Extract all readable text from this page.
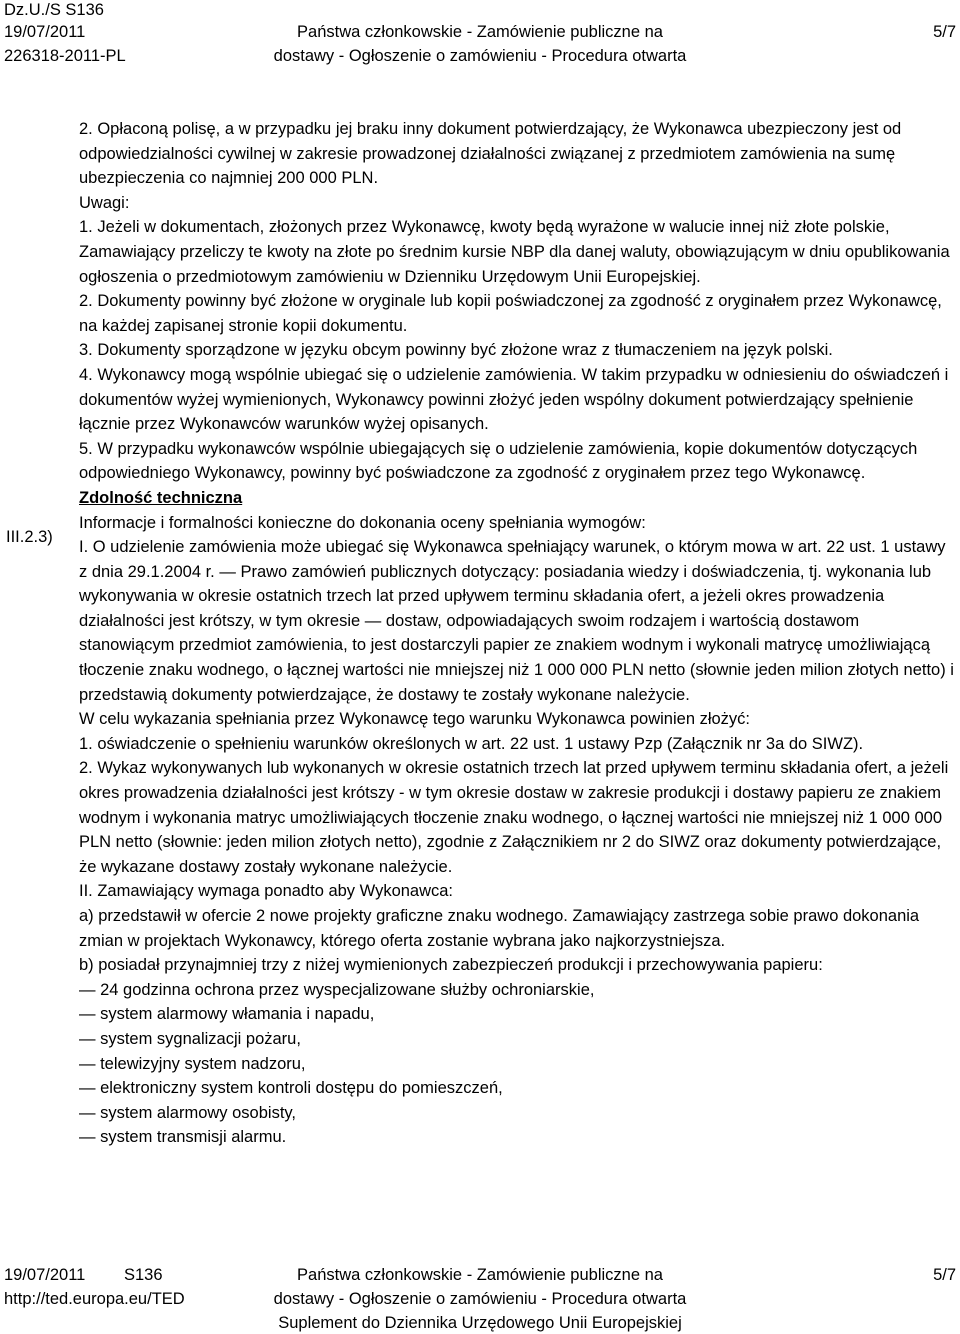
Dz.U./S S136
19/07/2011
226318-2011-PL
Państwa członkowskie - Zamówienie publiczne na
dostawy - Ogłoszenie o zamówieniu - Procedura otwarta
5/7
III.2.3)

2. Opłaconą polisę, a w przypadku jej braku inny dokument potwierdzający, że Wykonawca ubezpieczony jest od odpowiedzialności cywilnej w zakresie prowadzonej działalności związanej z przedmiotem zamówienia na sumę ubezpieczenia co najmniej 200 000 PLN.

Uwagi:

1. Jeżeli w dokumentach, złożonych przez Wykonawcę, kwoty będą wyrażone w walucie innej niż złote polskie, Zamawiający przeliczy te kwoty na złote po średnim kursie NBP dla danej waluty, obowiązującym w dniu opublikowania ogłoszenia o przedmiotowym zamówieniu w Dzienniku Urzędowym Unii Europejskiej.

2. Dokumenty powinny być złożone w oryginale lub kopii poświadczonej za zgodność z oryginałem przez Wykonawcę, na każdej zapisanej stronie kopii dokumentu.

3. Dokumenty sporządzone w języku obcym powinny być złożone wraz z tłumaczeniem na język polski.

4. Wykonawcy mogą wspólnie ubiegać się o udzielenie zamówienia. W takim przypadku w odniesieniu do oświadczeń i dokumentów wyżej wymienionych, Wykonawcy powinni złożyć jeden wspólny dokument potwierdzający spełnienie łącznie przez Wykonawców warunków wyżej opisanych.

5. W przypadku wykonawców wspólnie ubiegających się o udzielenie zamówienia, kopie dokumentów dotyczących odpowiedniego Wykonawcy, powinny być poświadczone za zgodność z oryginałem przez tego Wykonawcę.

Zdolność techniczna

Informacje i formalności konieczne do dokonania oceny spełniania wymogów:

I. O udzielenie zamówienia może ubiegać się Wykonawca spełniający warunek, o którym mowa w art. 22 ust. 1 ustawy z dnia 29.1.2004 r. — Prawo zamówień publicznych dotyczący: posiadania wiedzy i doświadczenia, tj. wykonania lub wykonywania w okresie ostatnich trzech lat przed upływem terminu składania ofert, a jeżeli okres prowadzenia działalności jest krótszy, w tym okresie — dostaw, odpowiadających swoim rodzajem i wartością dostawom stanowiącym przedmiot zamówienia, to jest dostarczyli papier ze znakiem wodnym i wykonali matrycę umożliwiającą tłoczenie znaku wodnego, o łącznej wartości nie mniejszej niż 1 000 000 PLN netto (słownie jeden milion złotych netto) i przedstawią dokumenty potwierdzające, że dostawy te zostały wykonane należycie.

W celu wykazania spełniania przez Wykonawcę tego warunku Wykonawca powinien złożyć:

1. oświadczenie o spełnieniu warunków określonych w art. 22 ust. 1 ustawy Pzp (Załącznik nr 3a do SIWZ).

2. Wykaz wykonywanych lub wykonanych w okresie ostatnich trzech lat przed upływem terminu składania ofert, a jeżeli okres prowadzenia działalności jest krótszy - w tym okresie dostaw w zakresie produkcji i dostawy papieru ze znakiem wodnym i wykonania matryc umożliwiających tłoczenie znaku wodnego, o łącznej wartości nie mniejszej niż 1 000 000 PLN netto (słownie: jeden milion złotych netto), zgodnie z Załącznikiem nr 2 do SIWZ oraz dokumenty potwierdzające, że wykazane dostawy zostały wykonane należycie.

II. Zamawiający wymaga ponadto aby Wykonawca:

a) przedstawił w ofercie 2 nowe projekty graficzne znaku wodnego. Zamawiający zastrzega sobie prawo dokonania zmian w projektach Wykonawcy, którego oferta zostanie wybrana jako najkorzystniejsza.

b) posiadał przynajmniej trzy z niżej wymienionych zabezpieczeń produkcji i przechowywania papieru:

— 24 godzinna ochrona przez wyspecjalizowane służby ochroniarskie,

— system alarmowy włamania i napadu,

— system sygnalizacji pożaru,

— telewizyjny system nadzoru,

— elektroniczny system kontroli dostępu do pomieszczeń,

— system alarmowy osobisty,

— system transmisji alarmu.

19/07/2011 S136
http://ted.europa.eu/TED
Państwa członkowskie - Zamówienie publiczne na
dostawy - Ogłoszenie o zamówieniu - Procedura otwarta
Suplement do Dziennika Urzędowego Unii Europejskiej
5/7
